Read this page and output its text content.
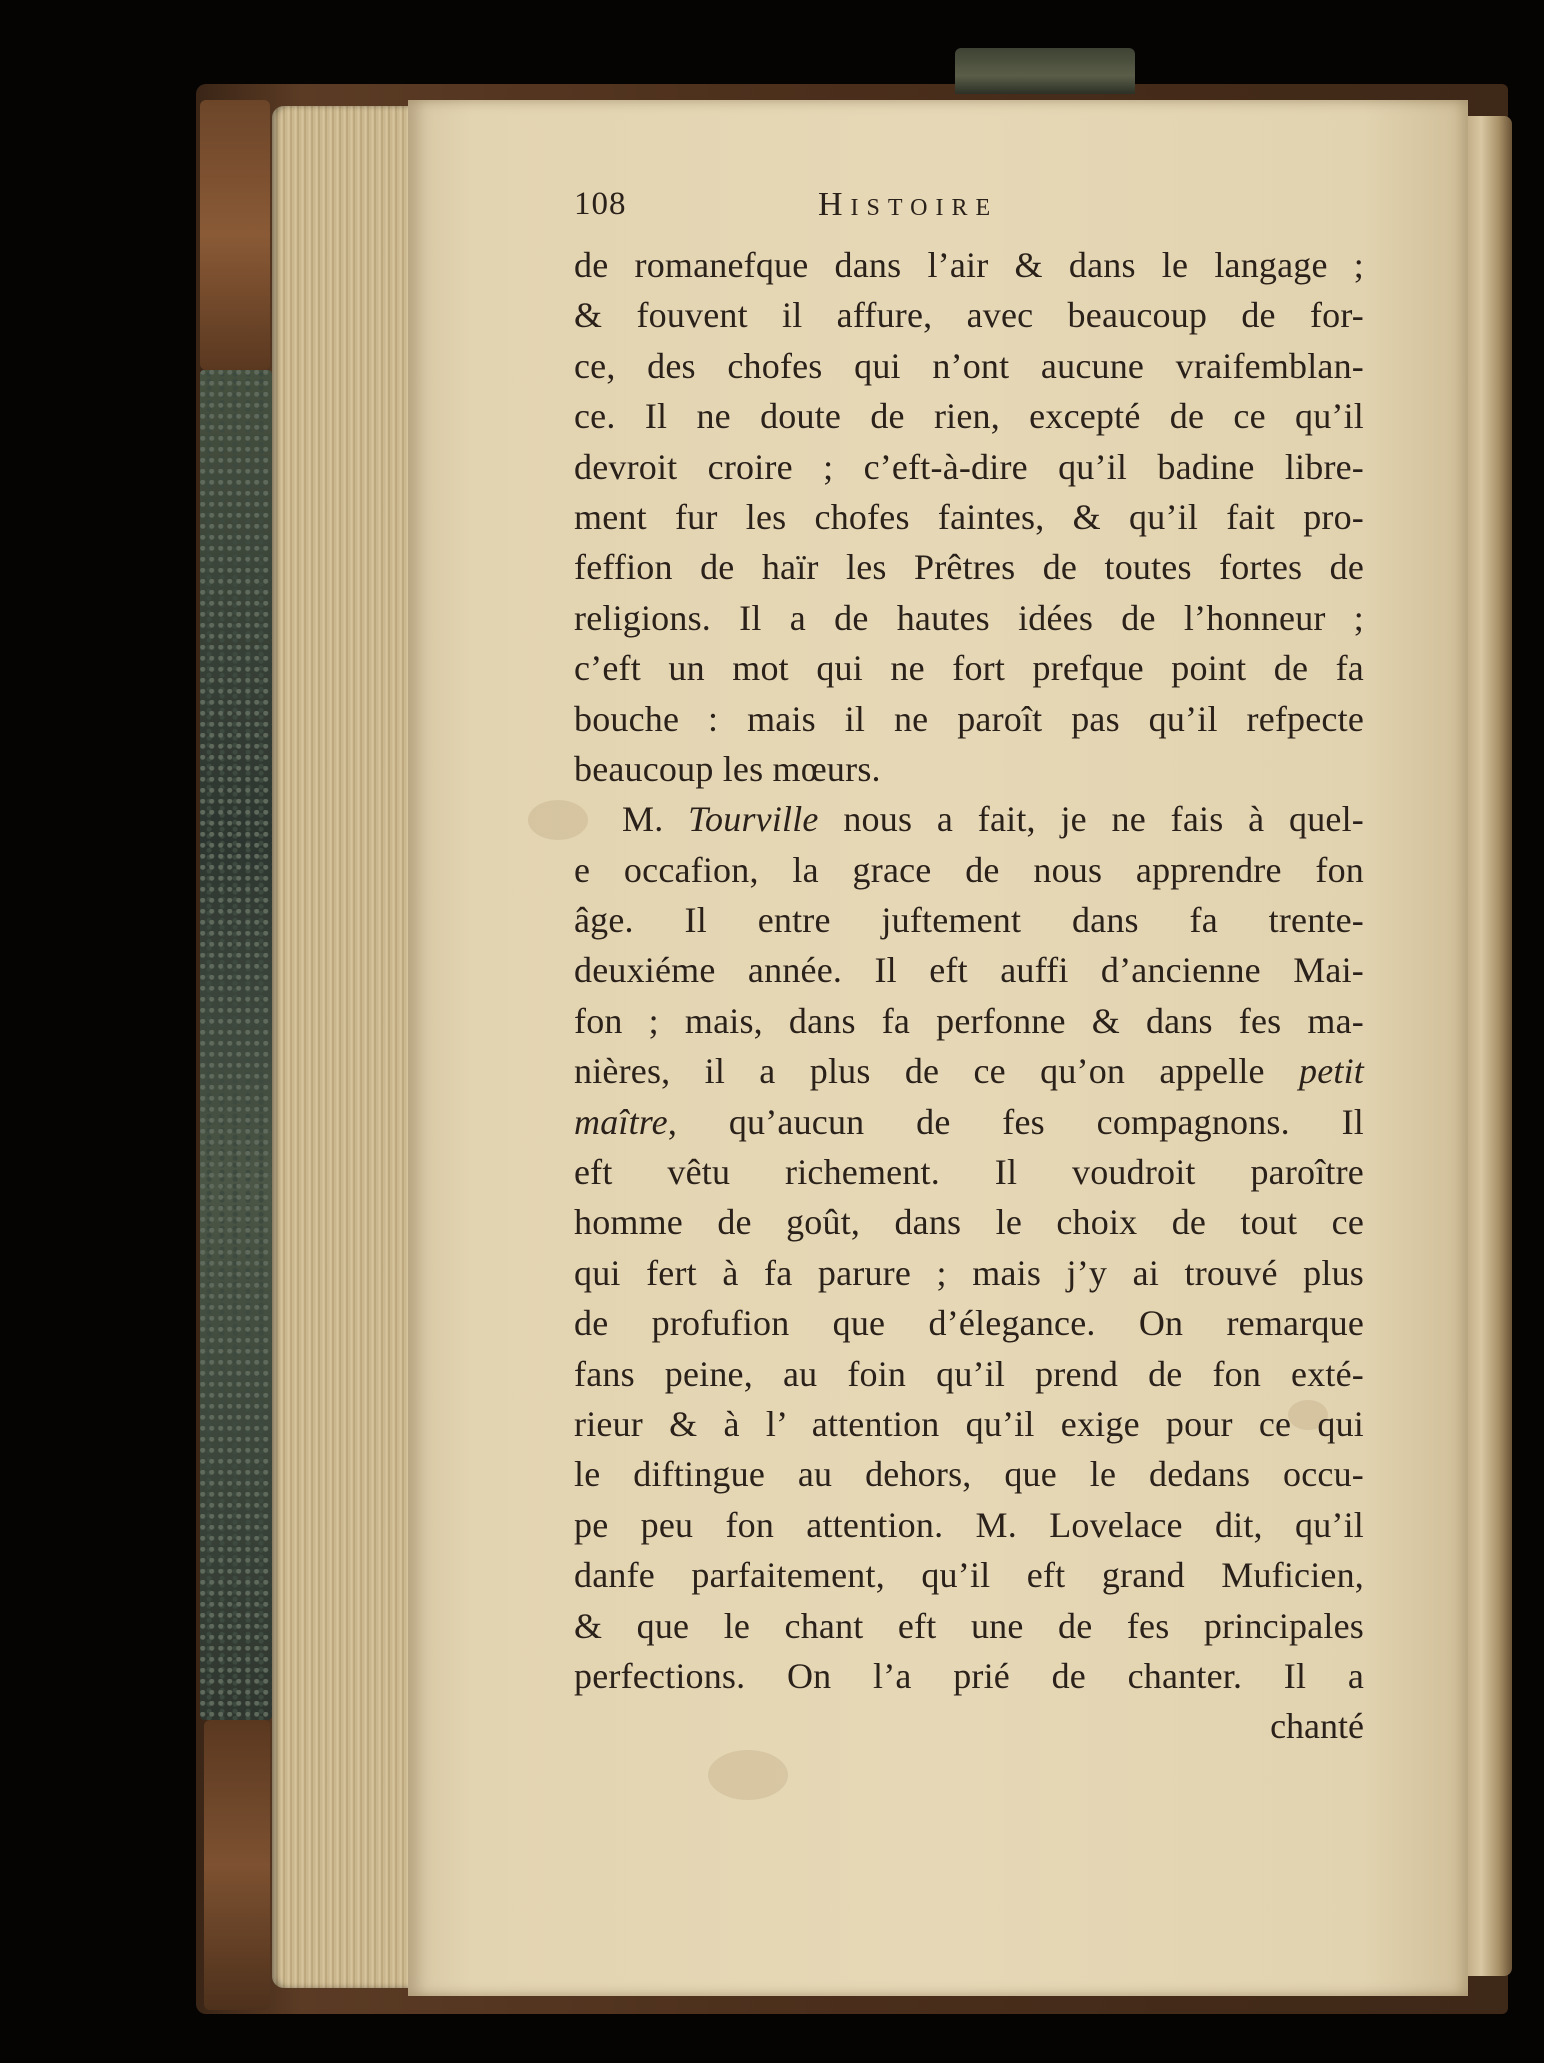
108	Histoire
de romanefque dans l’air & dans le langage ;
& fouvent il affure, avec beaucoup de for-
ce, des chofes qui n’ont aucune vraifemblan-
ce. Il ne doute de rien, excepté de ce qu’il
devroit croire ; c’eft-à-dire qu’il badine libre-
ment fur les chofes faintes, & qu’il fait pro-
feffion de haïr les Prêtres de toutes fortes de
religions. Il a de hautes idées de l’honneur ;
c’eft un mot qui ne fort prefque point de fa
bouche : mais il ne paroît pas qu’il refpecte
beaucoup les mœurs.
M. Tourville nous a fait, je ne fais à quel-
e occafion, la grace de nous apprendre fon
âge. Il entre juftement dans fa trente-
deuxiéme année. Il eft auffi d’ancienne Mai-
fon ; mais, dans fa perfonne & dans fes ma-
nières, il a plus de ce qu’on appelle petit
maître, qu’aucun de fes compagnons. Il
eft vêtu richement. Il voudroit paroître
homme de goût, dans le choix de tout ce
qui fert à fa parure ; mais j’y ai trouvé plus
de profufion que d’élegance. On remarque
fans peine, au foin qu’il prend de fon exté-
rieur & à l’ attention qu’il exige pour ce qui
le diftingue au dehors, que le dedans occu-
pe peu fon attention. M. Lovelace dit, qu’il
danfe parfaitement, qu’il eft grand Muficien,
& que le chant eft une de fes principales
perfections. On l’a prié de chanter. Il a
chanté
